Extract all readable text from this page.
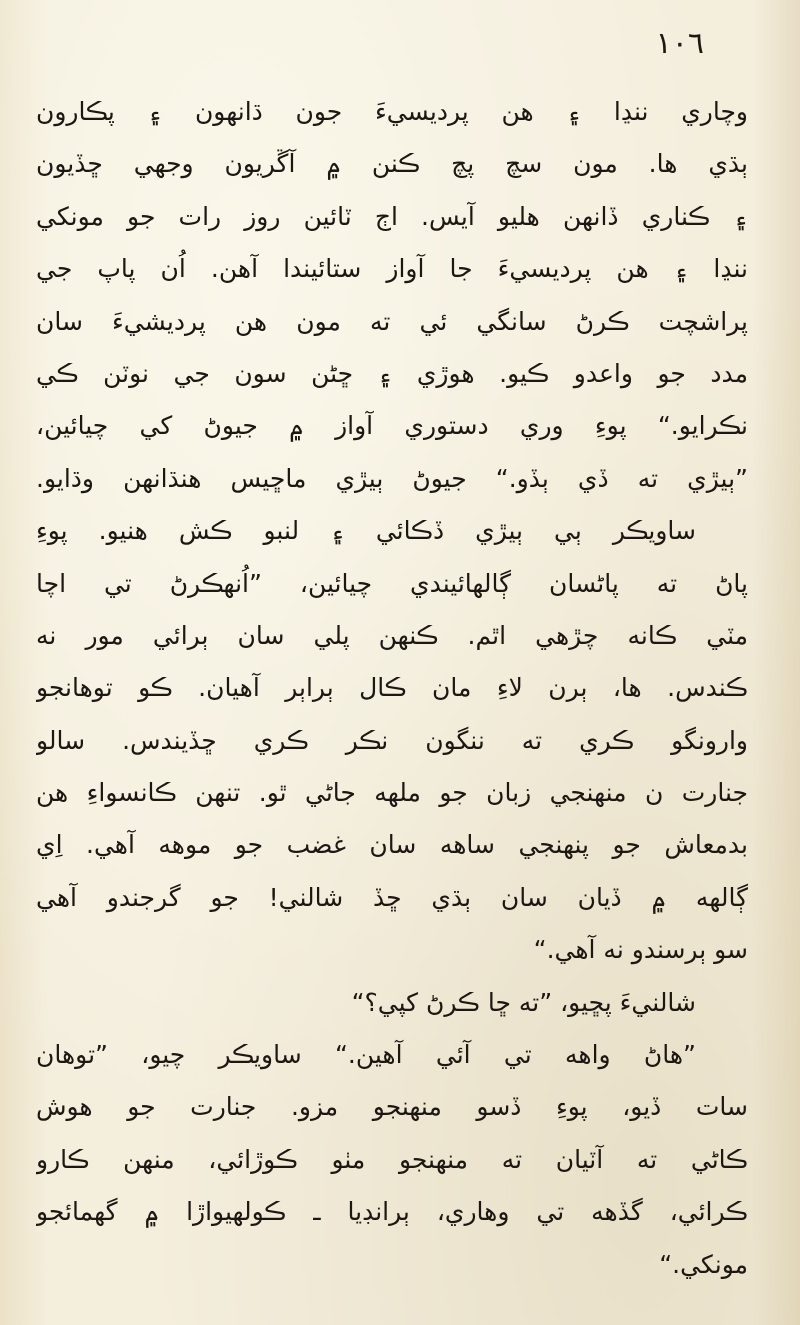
١٠٦
وچاري ننڍا ۽ هن پرديسيءَ جون ڌانهون ۽ پڪارون
ٻڌي ها. مون سچ پچ ڪنن ۾ آڱريون وجهي ڇڏيون
۽ ڪناري ڏانهن هليو آيس. اڄ ٽائين روز رات جو مونکي
ننڍا ۽ هن پرديسيءَ جا آواز ستائيندا آهن. اُن پاپ جي
پراشچت ڪرڻ سانگي ئي ته مون هن پرديشيءَ سان
مدد جو واعدو ڪيو. هوڙي ۽ ڇڻن سون جي نوٽن ڪي
نڪرايو.“ پوءِ وري دستوري آواز ۾ جيوڻ کي چيائين،
”ٻيڙي ته ڏي ٻڏو.“ جيوڻ ٻيڙي ماڇيس هنڌانهن وڌايو.
ساويڪر ٻي ٻيڙي ڏڪائي ۽ لنبو ڪش هنيو. پوءِ
پاڻ ته پاڻسان ڳالهائيندي چيائين، ”اُنهڪرڻ تي اچا
مٽي ڪانه چڙهي اٿم. ڪنهن پلي سان ٻرائي مور نه
ڪندس. ها، ٻرن لاءِ مان ڪال ٻراٻر آهيان. ڪو توهانجو
وارونگو ڪري ته ننگون نڪر ڪري ڇڏيندس. سالو
جنارت ن منهنجي زبان جو ملهه جاڻي ٿو. تنهن ڪانسواءِ هن
بدمعاش جو پنهنجي ساهه سان غضب جو موهه آهي. اِي
ڳالهه ۾ ڏيان سان ٻڌي ڇڏ شالني! جو گرجندو آهي
سو ٻرسندو نه آهي.“
شالنيءَ پڇيو، ”ته ڇا ڪرڻ کپي؟“
”هاڻ واهه تي آئي آهين.“ ساويڪر چيو، ”توهان
سات ڏيو، پوءِ ڏسو منهنجو مزو. جنارت جو هوش
ڪاڻي ته آٽيان ته منهنجو مٺو ڪوڙائي، منهن ڪارو
ڪرائي، گڏهه تي وهاري، ٻرانڊيا ـ ڪولهيواڙا ۾ گهمائجو
مونکي.“
